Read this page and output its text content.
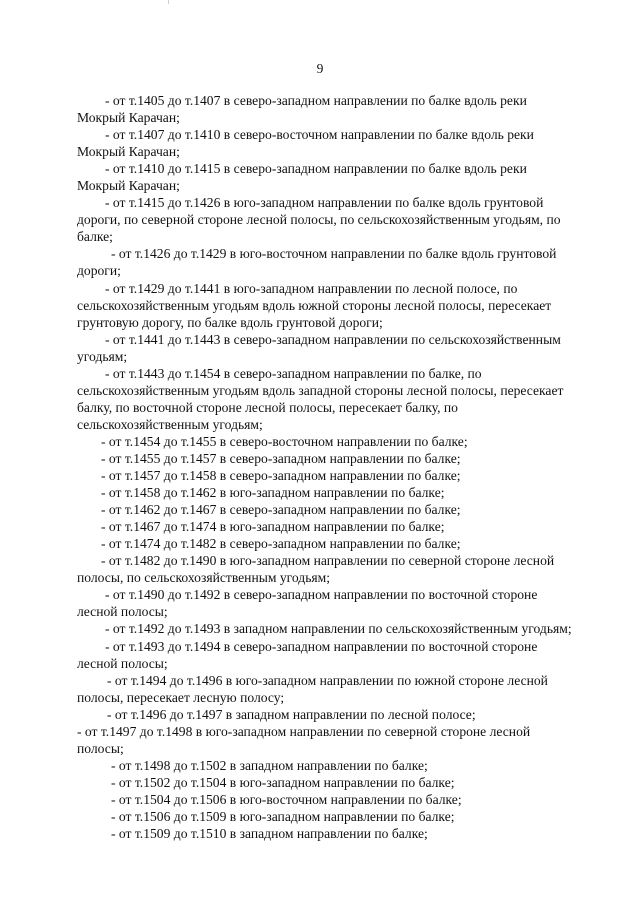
9
- от т.1405 до т.1407 в северо-западном направлении по балке вдоль реки
Мокрый Карачан;
- от т.1407 до т.1410 в северо-восточном направлении по балке вдоль реки
Мокрый Карачан;
- от т.1410 до т.1415 в северо-западном направлении по балке вдоль реки
Мокрый Карачан;
- от т.1415 до т.1426 в юго-западном направлении по балке вдоль грунтовой
дороги, по северной стороне лесной полосы, по сельскохозяйственным угодьям, по
балке;
- от т.1426 до т.1429 в юго-восточном направлении по балке вдоль грунтовой
дороги;
- от т.1429 до т.1441 в юго-западном направлении по лесной полосе, по
сельскохозяйственным угодьям вдоль южной стороны лесной полосы, пересекает
грунтовую дорогу, по балке вдоль грунтовой дороги;
- от т.1441 до т.1443 в северо-западном направлении по сельскохозяйственным
угодьям;
- от т.1443 до т.1454 в северо-западном направлении по балке, по
сельскохозяйственным угодьям вдоль западной стороны лесной полосы, пересекает
балку, по восточной стороне лесной полосы, пересекает балку, по
сельскохозяйственным угодьям;
- от т.1454 до т.1455 в северо-восточном направлении по балке;
- от т.1455 до т.1457 в северо-западном направлении по балке;
- от т.1457 до т.1458 в северо-западном направлении по балке;
- от т.1458 до т.1462 в юго-западном направлении по балке;
- от т.1462 до т.1467 в северо-западном направлении по балке;
- от т.1467 до т.1474 в юго-западном направлении по балке;
- от т.1474 до т.1482 в северо-западном направлении по балке;
- от т.1482 до т.1490 в юго-западном направлении по северной стороне лесной
полосы, по сельскохозяйственным угодьям;
- от т.1490 до т.1492 в северо-западном направлении по восточной стороне
лесной полосы;
- от т.1492 до т.1493 в западном направлении по сельскохозяйственным угодьям;
- от т.1493 до т.1494 в северо-западном направлении по восточной стороне
лесной полосы;
- от т.1494 до т.1496 в юго-западном направлении по южной стороне лесной
полосы, пересекает лесную полосу;
- от т.1496 до т.1497 в западном направлении по лесной полосе;
- от т.1497 до т.1498 в юго-западном направлении по северной стороне лесной
полосы;
- от т.1498 до т.1502 в западном направлении по балке;
- от т.1502 до т.1504 в юго-западном направлении по балке;
- от т.1504 до т.1506 в юго-восточном направлении по балке;
- от т.1506 до т.1509 в юго-западном направлении по балке;
- от т.1509 до т.1510 в западном направлении по балке;
